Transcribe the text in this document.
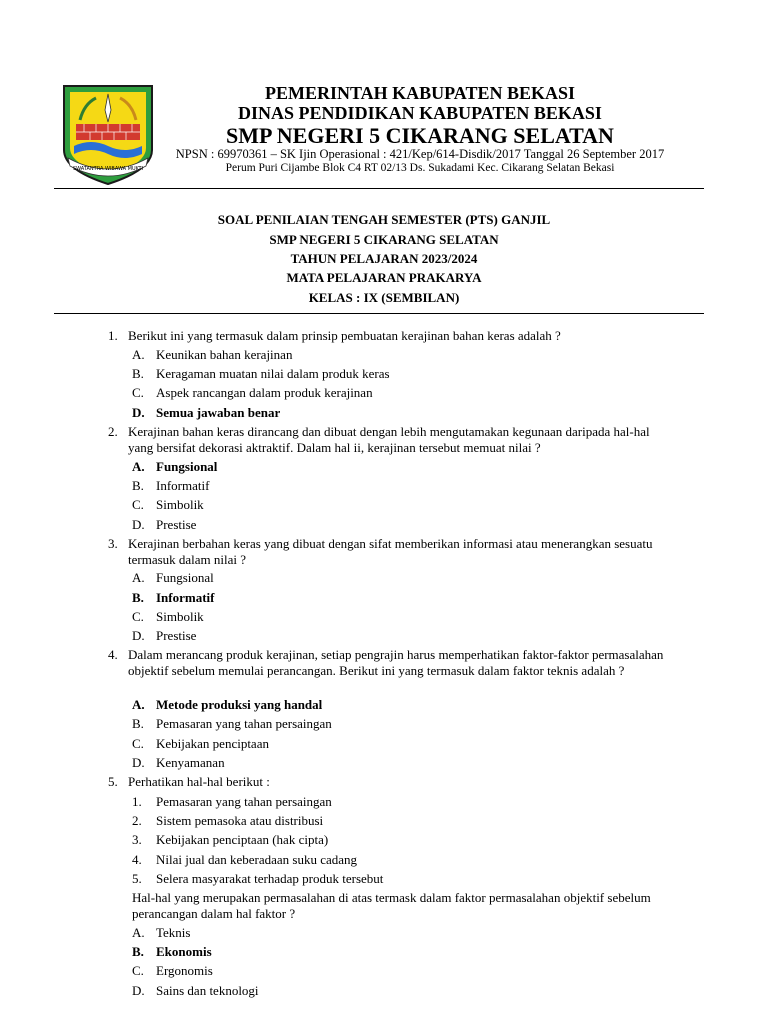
SWATANTRA WIBAWA MUKTI
PEMERINTAH KABUPATEN BEKASI
DINAS PENDIDIKAN KABUPATEN BEKASI
SMP NEGERI 5 CIKARANG SELATAN
NPSN : 69970361 – SK Ijin Operasional : 421/Kep/614-Disdik/2017 Tanggal 26 September 2017
Perum Puri Cijambe Blok C4 RT 02/13 Ds. Sukadami Kec. Cikarang Selatan Bekasi
SOAL PENILAIAN TENGAH SEMESTER (PTS) GANJIL
SMP NEGERI 5 CIKARANG SELATAN
TAHUN PELAJARAN 2023/2024
MATA PELAJARAN PRAKARYA
KELAS : IX (SEMBILAN)
1. Berikut ini yang termasuk dalam prinsip pembuatan kerajinan bahan keras adalah ?
A. Keunikan bahan kerajinan
B. Keragaman muatan nilai dalam produk keras
C. Aspek rancangan dalam produk kerajinan
D. Semua jawaban benar
2. Kerajinan bahan keras dirancang dan dibuat dengan lebih mengutamakan kegunaan daripada hal-hal yang bersifat dekorasi aktraktif. Dalam hal ii, kerajinan tersebut memuat nilai ?
A. Fungsional
B. Informatif
C. Simbolik
D. Prestise
3. Kerajinan berbahan keras yang dibuat dengan sifat memberikan informasi atau menerangkan sesuatu termasuk dalam nilai ?
A. Fungsional
B. Informatif
C. Simbolik
D. Prestise
4. Dalam merancang produk kerajinan, setiap pengrajin harus memperhatikan faktor-faktor permasalahan objektif sebelum memulai perancangan. Berikut ini yang termasuk dalam faktor teknis adalah ?
A. Metode produksi yang handal
B. Pemasaran yang tahan persaingan
C. Kebijakan penciptaan
D. Kenyamanan
5. Perhatikan hal-hal berikut :
1. Pemasaran yang tahan persaingan
2. Sistem pemasoka atau distribusi
3. Kebijakan penciptaan (hak cipta)
4. Nilai jual dan keberadaan suku cadang
5. Selera masyarakat terhadap produk tersebut
Hal-hal yang merupakan permasalahan di atas termask dalam faktor permasalahan objektif sebelum perancangan dalam hal faktor ?
A. Teknis
B. Ekonomis
C. Ergonomis
D. Sains dan teknologi
